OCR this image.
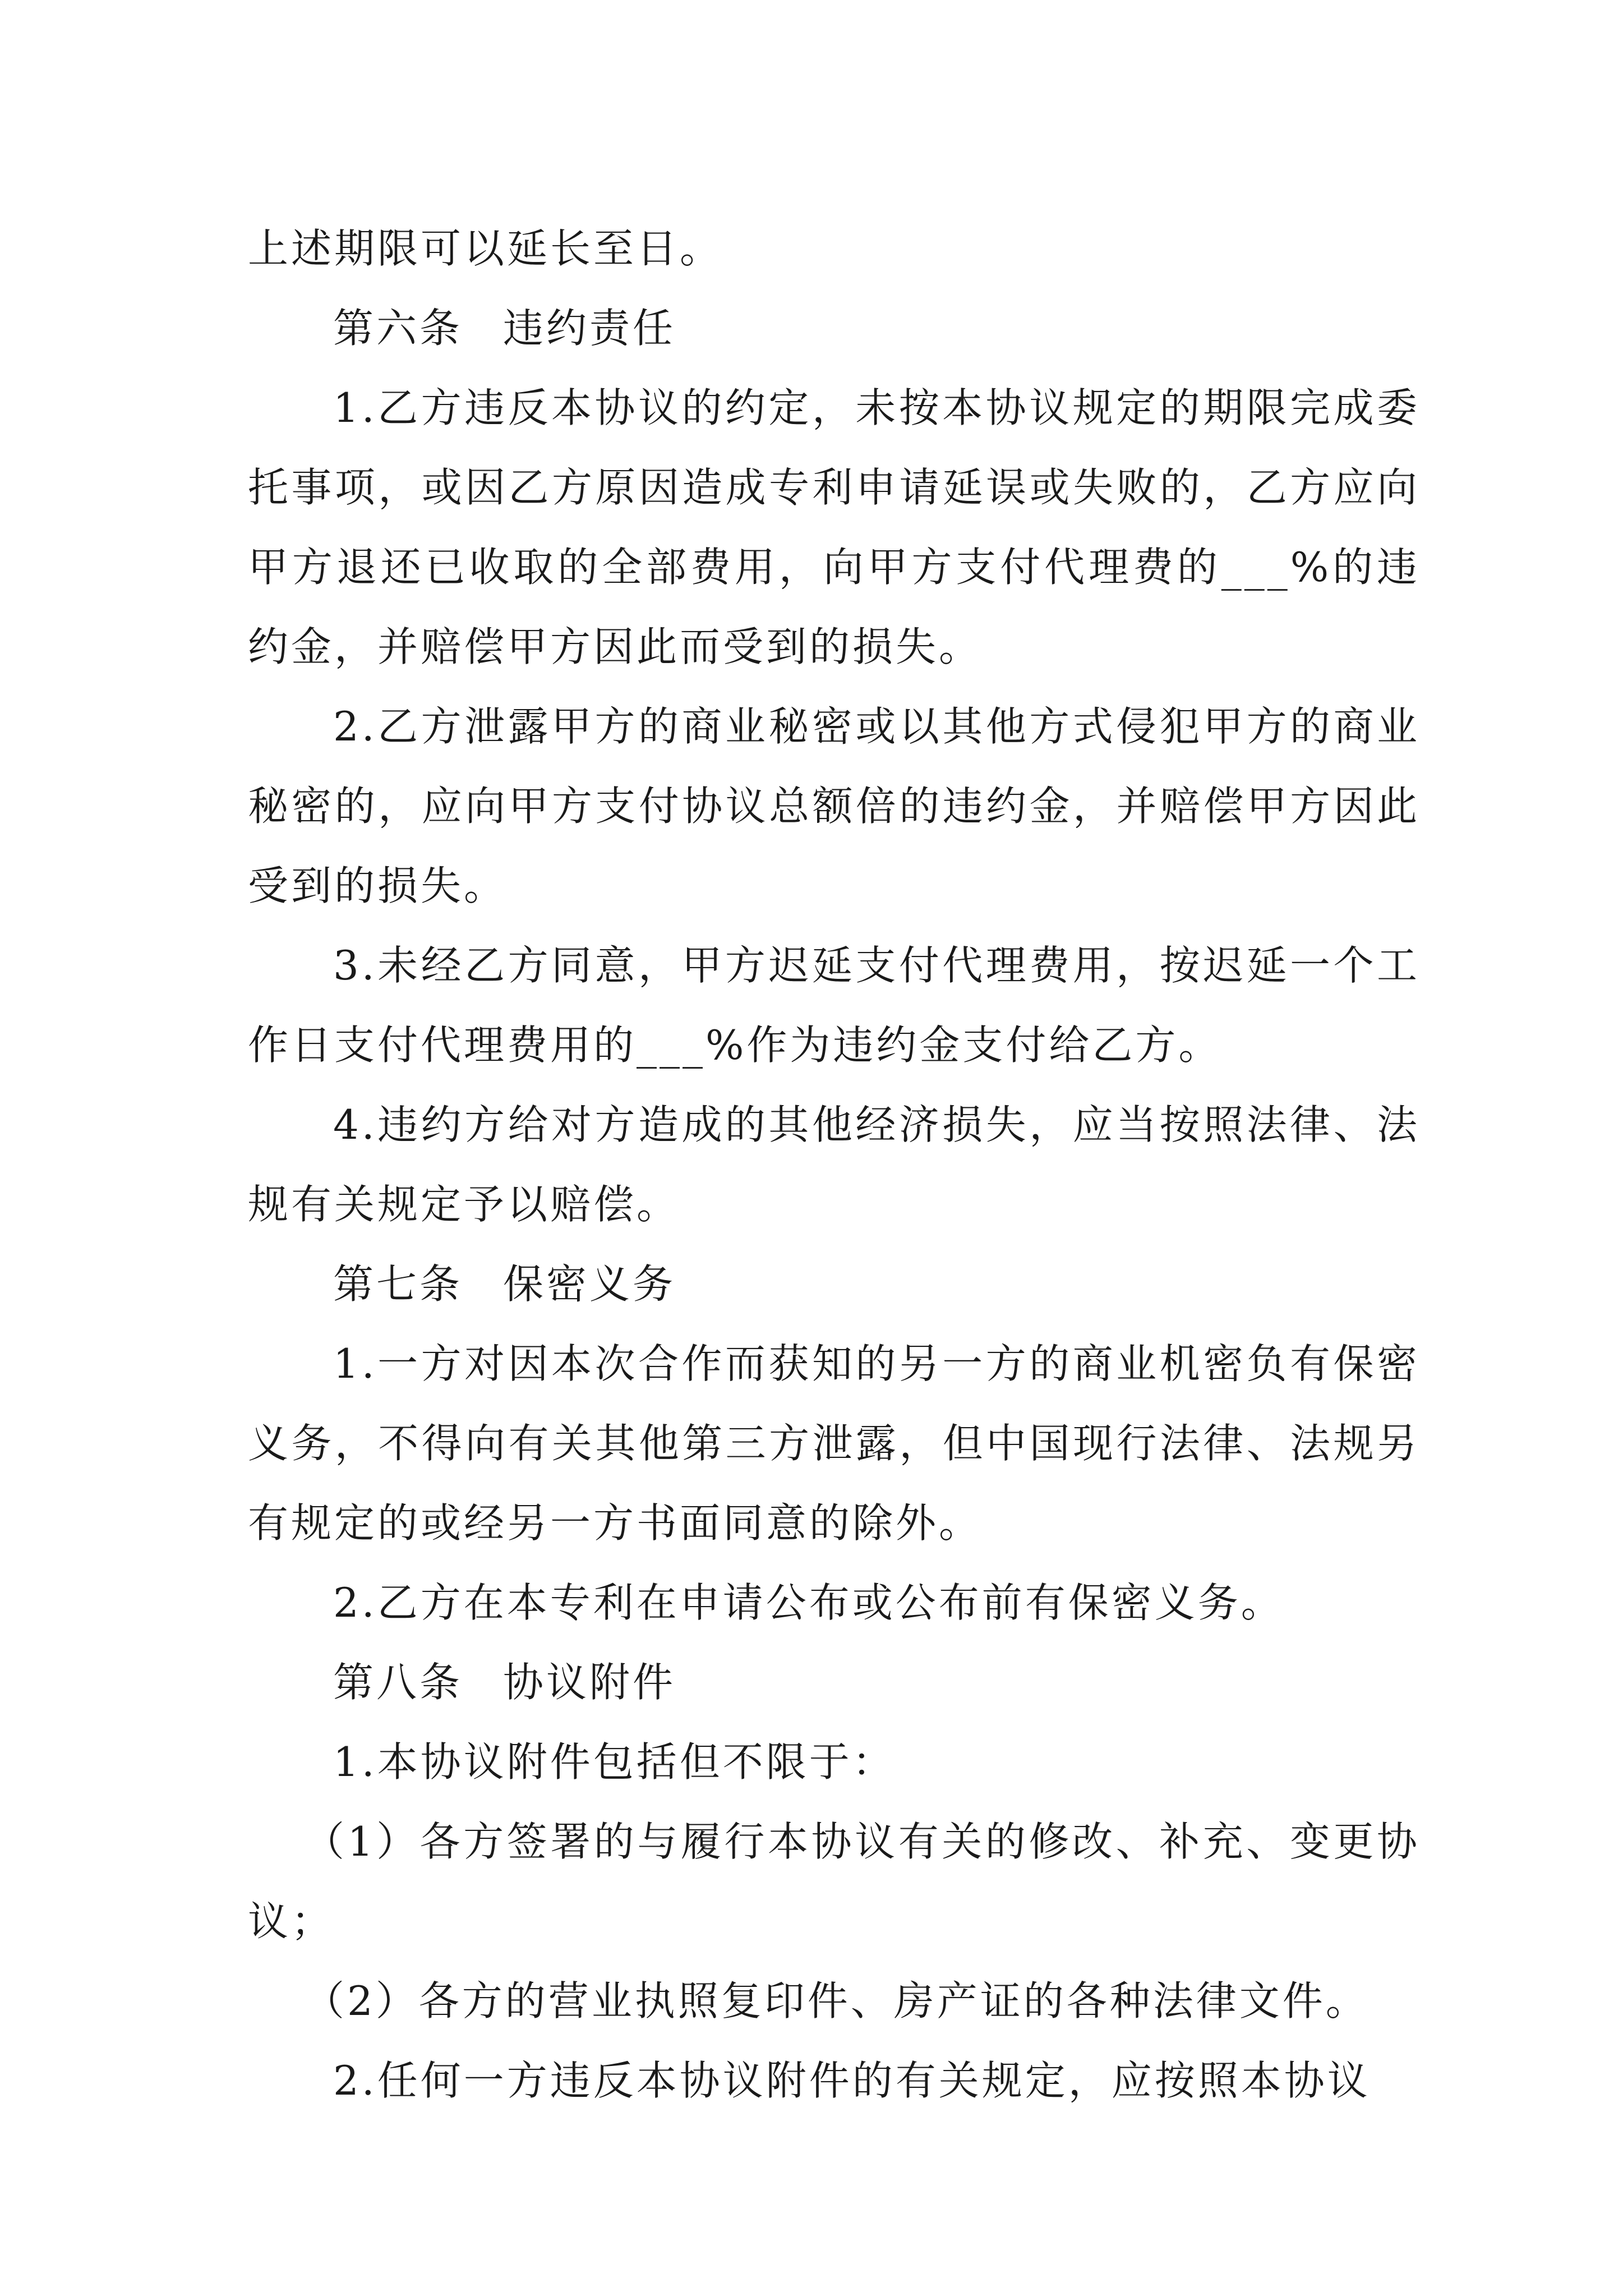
上述期限可以延长至日。

第六条 违约责任

1.乙方违反本协议的约定，未按本协议规定的期限完成委托事项，或因乙方原因造成专利申请延误或失败的，乙方应向甲方退还已收取的全部费用，向甲方支付代理费的___%的违约金，并赔偿甲方因此而受到的损失。

2.乙方泄露甲方的商业秘密或以其他方式侵犯甲方的商业秘密的，应向甲方支付协议总额倍的违约金，并赔偿甲方因此受到的损失。

3.未经乙方同意，甲方迟延支付代理费用，按迟延一个工作日支付代理费用的___%作为违约金支付给乙方。

4.违约方给对方造成的其他经济损失，应当按照法律、法规有关规定予以赔偿。

第七条 保密义务

1.一方对因本次合作而获知的另一方的商业机密负有保密义务，不得向有关其他第三方泄露，但中国现行法律、法规另有规定的或经另一方书面同意的除外。

2.乙方在本专利在申请公布或公布前有保密义务。

第八条 协议附件

1.本协议附件包括但不限于：

（1）各方签署的与履行本协议有关的修改、补充、变更协议；

（2）各方的营业执照复印件、房产证的各种法律文件。

2.任何一方违反本协议附件的有关规定，应按照本协议
